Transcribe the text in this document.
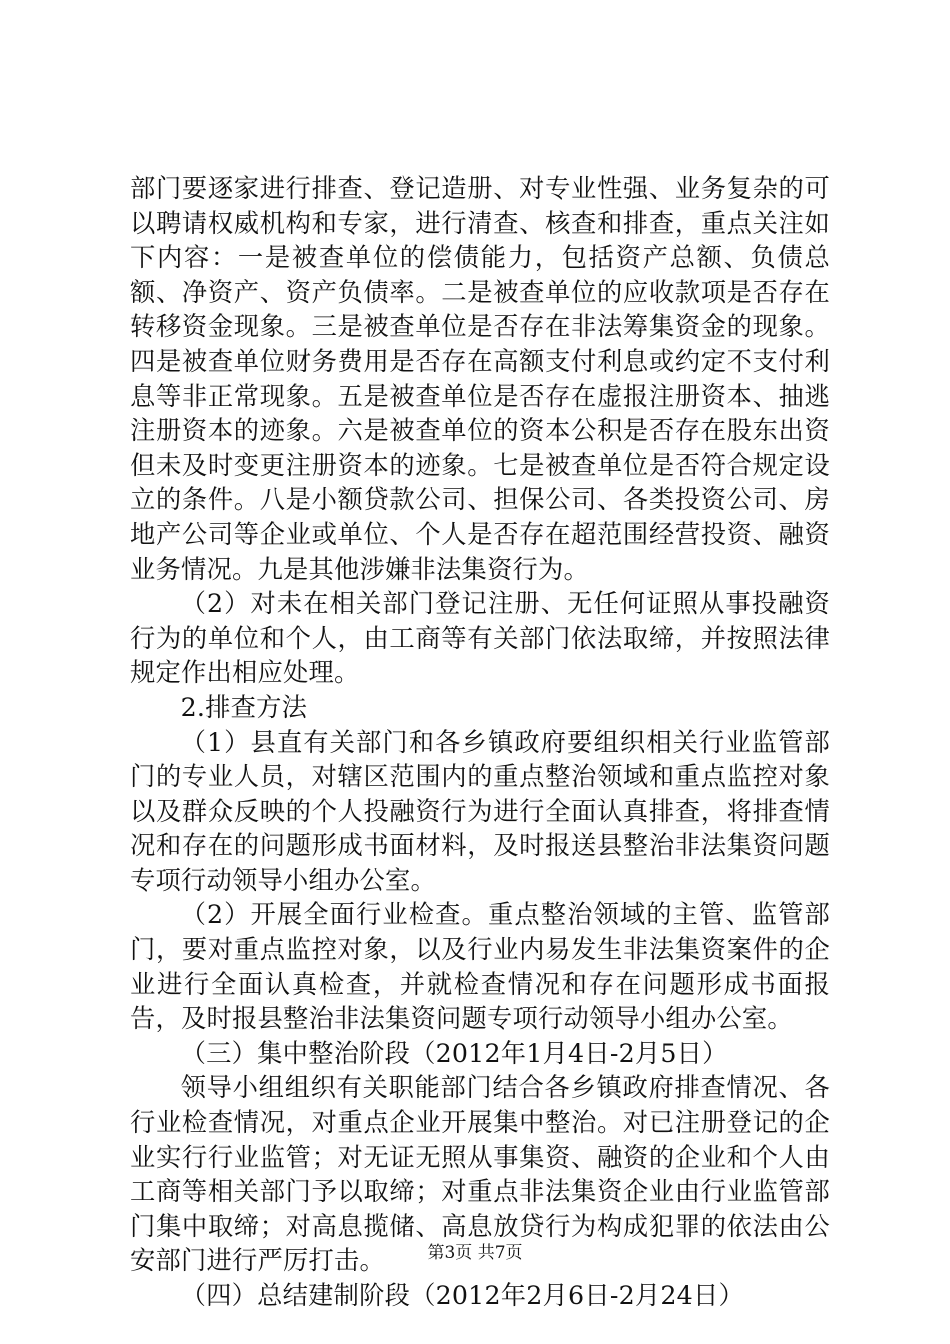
部门要逐家进行排查、登记造册、对专业性强、业务复杂的可以聘请权威机构和专家，进行清查、核查和排查，重点关注如下内容：一是被查单位的偿债能力，包括资产总额、负债总额、净资产、资产负债率。二是被查单位的应收款项是否存在转移资金现象。三是被查单位是否存在非法筹集资金的现象。四是被查单位财务费用是否存在高额支付利息或约定不支付利息等非正常现象。五是被查单位是否存在虚报注册资本、抽逃注册资本的迹象。六是被查单位的资本公积是否存在股东出资但未及时变更注册资本的迹象。七是被查单位是否符合规定设立的条件。八是小额贷款公司、担保公司、各类投资公司、房地产公司等企业或单位、个人是否存在超范围经营投资、融资业务情况。九是其他涉嫌非法集资行为。

（2）对未在相关部门登记注册、无任何证照从事投融资行为的单位和个人，由工商等有关部门依法取缔，并按照法律规定作出相应处理。

2.排查方法

（1）县直有关部门和各乡镇政府要组织相关行业监管部门的专业人员，对辖区范围内的重点整治领域和重点监控对象以及群众反映的个人投融资行为进行全面认真排查，将排查情况和存在的问题形成书面材料，及时报送县整治非法集资问题专项行动领导小组办公室。

（2）开展全面行业检查。重点整治领域的主管、监管部门，要对重点监控对象，以及行业内易发生非法集资案件的企业进行全面认真检查，并就检查情况和存在问题形成书面报告，及时报县整治非法集资问题专项行动领导小组办公室。

（三）集中整治阶段（2012年1月4日-2月5日）

领导小组组织有关职能部门结合各乡镇政府排查情况、各行业检查情况，对重点企业开展集中整治。对已注册登记的企业实行行业监管；对无证无照从事集资、融资的企业和个人由工商等相关部门予以取缔；对重点非法集资企业由行业监管部门集中取缔；对高息揽储、高息放贷行为构成犯罪的依法由公安部门进行严厉打击。

（四）总结建制阶段（2012年2月6日-2月24日）

第3页 共7页
